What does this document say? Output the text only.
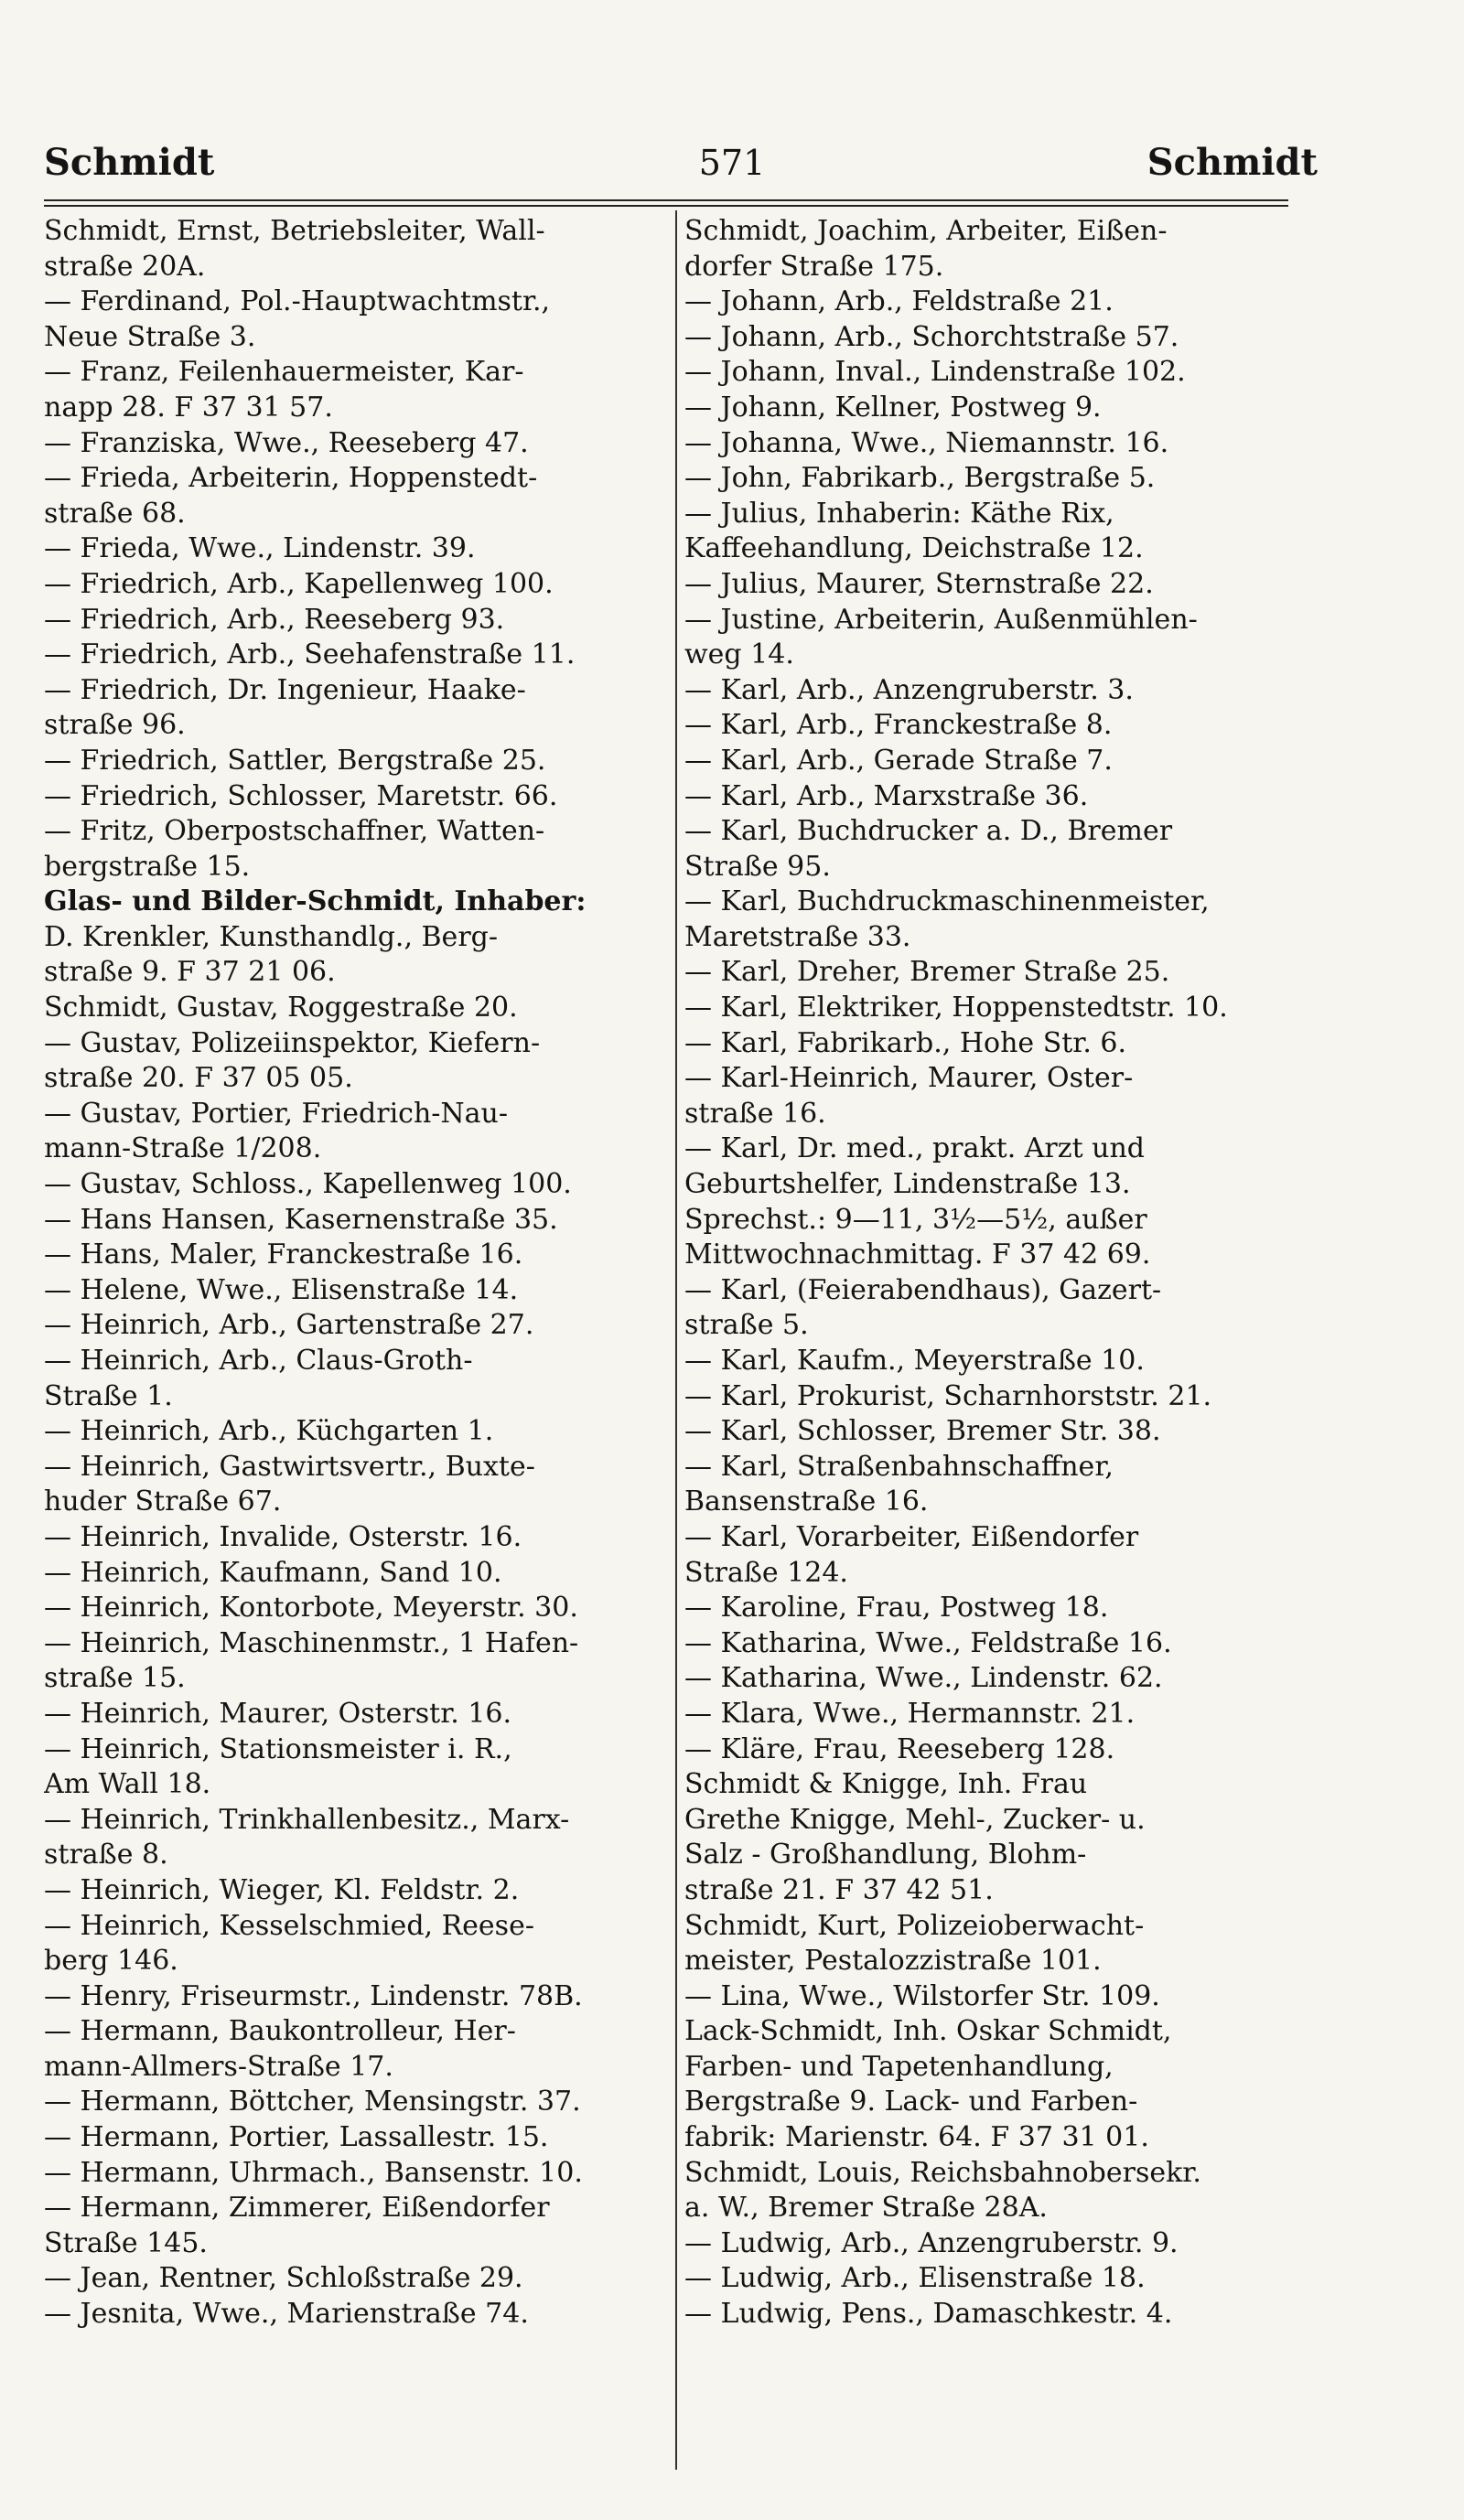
Schmidt	571	Schmidt
Schmidt, Ernst, Betriebsleiter, Wall-
straße 20A.
— Ferdinand, Pol.-Hauptwachtmstr.,
Neue Straße 3.
— Franz, Feilenhauermeister, Kar-
napp 28. F 37 31 57.
— Franziska, Wwe., Reeseberg 47.
— Frieda, Arbeiterin, Hoppenstedt-
straße 68.
— Frieda, Wwe., Lindenstr. 39.
— Friedrich, Arb., Kapellenweg 100.
— Friedrich, Arb., Reeseberg 93.
— Friedrich, Arb., Seehafenstraße 11.
— Friedrich, Dr. Ingenieur, Haake-
straße 96.
— Friedrich, Sattler, Bergstraße 25.
— Friedrich, Schlosser, Maretstr. 66.
— Fritz, Oberpostschaffner, Watten-
bergstraße 15.
Glas- und Bilder-Schmidt, Inhaber:
D. Krenkler, Kunsthandlg., Berg-
straße 9. F 37 21 06.
Schmidt, Gustav, Roggestraße 20.
— Gustav, Polizeiinspektor, Kiefern-
straße 20. F 37 05 05.
— Gustav, Portier, Friedrich-Nau-
mann-Straße 1/208.
— Gustav, Schloss., Kapellenweg 100.
— Hans Hansen, Kasernenstraße 35.
— Hans, Maler, Franckestraße 16.
— Helene, Wwe., Elisenstraße 14.
— Heinrich, Arb., Gartenstraße 27.
— Heinrich, Arb., Claus-Groth-
Straße 1.
— Heinrich, Arb., Küchgarten 1.
— Heinrich, Gastwirtsvertr., Buxte-
huder Straße 67.
— Heinrich, Invalide, Osterstr. 16.
— Heinrich, Kaufmann, Sand 10.
— Heinrich, Kontorbote, Meyerstr. 30.
— Heinrich, Maschinenmstr., 1 Hafen-
straße 15.
— Heinrich, Maurer, Osterstr. 16.
— Heinrich, Stationsmeister i. R.,
Am Wall 18.
— Heinrich, Trinkhallenbesitz., Marx-
straße 8.
— Heinrich, Wieger, Kl. Feldstr. 2.
— Heinrich, Kesselschmied, Reese-
berg 146.
— Henry, Friseurmstr., Lindenstr. 78B.
— Hermann, Baukontrolleur, Her-
mann-Allmers-Straße 17.
— Hermann, Böttcher, Mensingstr. 37.
— Hermann, Portier, Lassallestr. 15.
— Hermann, Uhrmach., Bansenstr. 10.
— Hermann, Zimmerer, Eißendorfer
Straße 145.
— Jean, Rentner, Schloßstraße 29.
— Jesnita, Wwe., Marienstraße 74.
Schmidt, Joachim, Arbeiter, Eißen-
dorfer Straße 175.
— Johann, Arb., Feldstraße 21.
— Johann, Arb., Schorchtstraße 57.
— Johann, Inval., Lindenstraße 102.
— Johann, Kellner, Postweg 9.
— Johanna, Wwe., Niemannstr. 16.
— John, Fabrikarb., Bergstraße 5.
— Julius, Inhaberin: Käthe Rix,
Kaffeehandlung, Deichstraße 12.
— Julius, Maurer, Sternstraße 22.
— Justine, Arbeiterin, Außenmühlen-
weg 14.
— Karl, Arb., Anzengruberstr. 3.
— Karl, Arb., Franckestraße 8.
— Karl, Arb., Gerade Straße 7.
— Karl, Arb., Marxstraße 36.
— Karl, Buchdrucker a. D., Bremer
Straße 95.
— Karl, Buchdruckmaschinenmeister,
Maretstraße 33.
— Karl, Dreher, Bremer Straße 25.
— Karl, Elektriker, Hoppenstedtstr. 10.
— Karl, Fabrikarb., Hohe Str. 6.
— Karl-Heinrich, Maurer, Oster-
straße 16.
— Karl, Dr. med., prakt. Arzt und
Geburtshelfer, Lindenstraße 13.
Sprechst.: 9—11, 3½—5½, außer
Mittwochnachmittag. F 37 42 69.
— Karl, (Feierabendhaus), Gazert-
straße 5.
— Karl, Kaufm., Meyerstraße 10.
— Karl, Prokurist, Scharnhorststr. 21.
— Karl, Schlosser, Bremer Str. 38.
— Karl, Straßenbahnschaffner,
Bansenstraße 16.
— Karl, Vorarbeiter, Eißendorfer
Straße 124.
— Karoline, Frau, Postweg 18.
— Katharina, Wwe., Feldstraße 16.
— Katharina, Wwe., Lindenstr. 62.
— Klara, Wwe., Hermannstr. 21.
— Kläre, Frau, Reeseberg 128.
Schmidt & Knigge, Inh. Frau
Grethe Knigge, Mehl-, Zucker- u.
Salz - Großhandlung, Blohm-
straße 21. F 37 42 51.
Schmidt, Kurt, Polizeioberwacht-
meister, Pestalozzistraße 101.
— Lina, Wwe., Wilstorfer Str. 109.
Lack-Schmidt, Inh. Oskar Schmidt,
Farben- und Tapetenhandlung,
Bergstraße 9. Lack- und Farben-
fabrik: Marienstr. 64. F 37 31 01.
Schmidt, Louis, Reichsbahnobersekr.
a. W., Bremer Straße 28A.
— Ludwig, Arb., Anzengruberstr. 9.
— Ludwig, Arb., Elisenstraße 18.
— Ludwig, Pens., Damaschkestr. 4.
